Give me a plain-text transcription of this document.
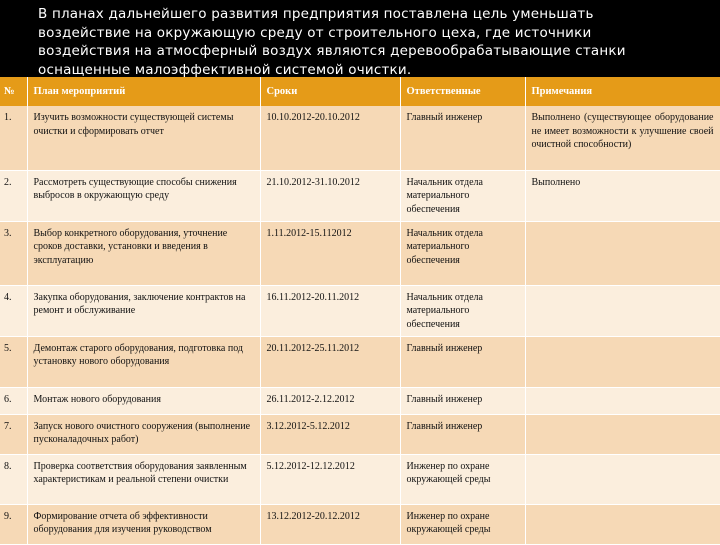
В планах дальнейшего развития предприятия поставлена цель уменьшать воздействие на окружающую среду от строительного цеха, где источники воздействия на атмосферный воздух являются деревообрабатывающие станки оснащенные малоэффективной системой очистки.
№	План мероприятий	Сроки	Ответственные	Примечания
1.	Изучить возможности существующей системы очистки и сформировать отчет	10.10.2012-20.10.2012	Главный инженер	Выполнено (существующее оборудование не имеет возможности к улучшение своей очистной способности)
2.	Рассмотреть существующие способы снижения выбросов в окружающую среду	21.10.2012-31.10.2012	Начальник отдела материального обеспечения	Выполнено
3.	Выбор конкретного оборудования, уточнение сроков доставки, установки и введения в эксплуатацию	1.11.2012-15.112012	Начальник отдела материального обеспечения	
4.	Закупка оборудования, заключение контрактов на ремонт и обслуживание	16.11.2012-20.11.2012	Начальник отдела материального обеспечения	
5.	Демонтаж старого оборудования, подготовка под установку нового оборудования	20.11.2012-25.11.2012	Главный инженер	
6.	Монтаж нового оборудования	26.11.2012-2.12.2012	Главный инженер	
7.	Запуск нового очистного сооружения (выполнение пусконаладочных работ)	3.12.2012-5.12.2012	Главный инженер	
8.	Проверка соответствия оборудования заявленным характеристикам и реальной степени очистки	5.12.2012-12.12.2012	Инженер по охране окружающей среды	
9.	Формирование отчета об эффективности оборудования для изучения руководством	13.12.2012-20.12.2012	Инженер по охране окружающей среды	
